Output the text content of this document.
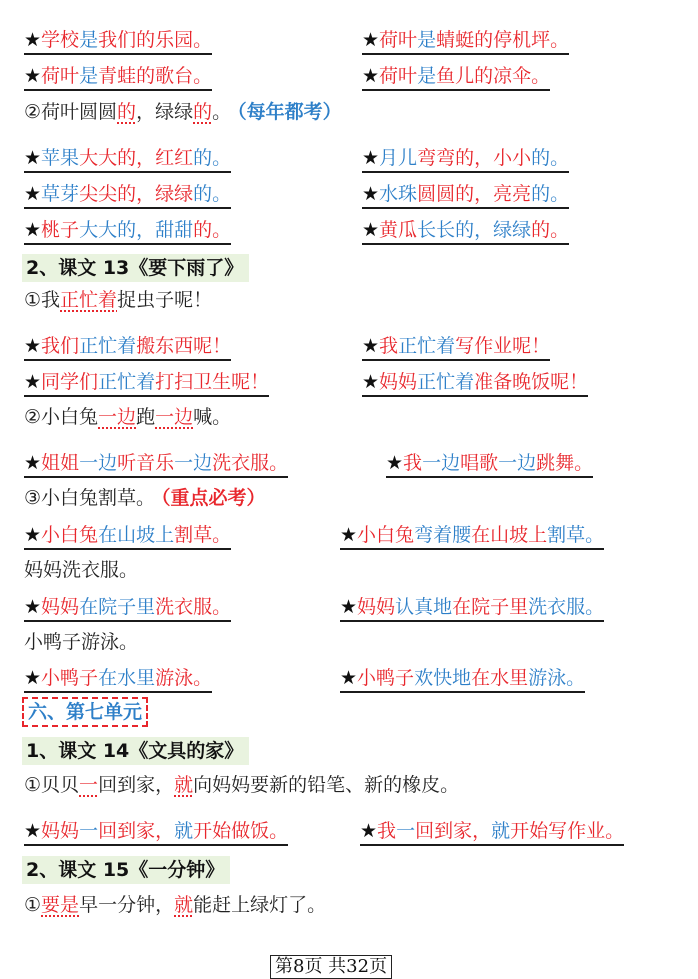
★学校是我们的乐园。	★荷叶是蜻蜓的停机坪。
★荷叶是青蛙的歌台。	★荷叶是鱼儿的凉伞。
②荷叶圆圆的，绿绿的。 （每年都考）
★苹果大大的，红红的。	★月儿弯弯的，小小的。
★草芽尖尖的，绿绿的。	★水珠圆圆的，亮亮的。
★桃子大大的，甜甜的。	★黄瓜长长的，绿绿的。
2、课文 13《要下雨了》
①我正忙着捉虫子呢！
★我们正忙着搬东西呢！	★我正忙着写作业呢！
★同学们正忙着打扫卫生呢！	★妈妈正忙着准备晚饭呢！
②小白兔一边跑一边喊。
★姐姐一边听音乐一边洗衣服。	★我一边唱歌一边跳舞。
③小白兔割草。 （重点必考）
★小白兔在山坡上割草。	★小白兔弯着腰在山坡上割草。
妈妈洗衣服。
★妈妈在院子里洗衣服。	★妈妈认真地在院子里洗衣服。
小鸭子游泳。
★小鸭子在水里游泳。	★小鸭子欢快地在水里游泳。
六、第七单元
1、课文 14《文具的家》
①贝贝一回到家，就向妈妈要新的铅笔、新的橡皮。
★妈妈一回到家，就开始做饭。	★我一回到家，就开始写作业。
2、课文 15《一分钟》
①要是早一分钟，就能赶上绿灯了。
第8页 共32页
